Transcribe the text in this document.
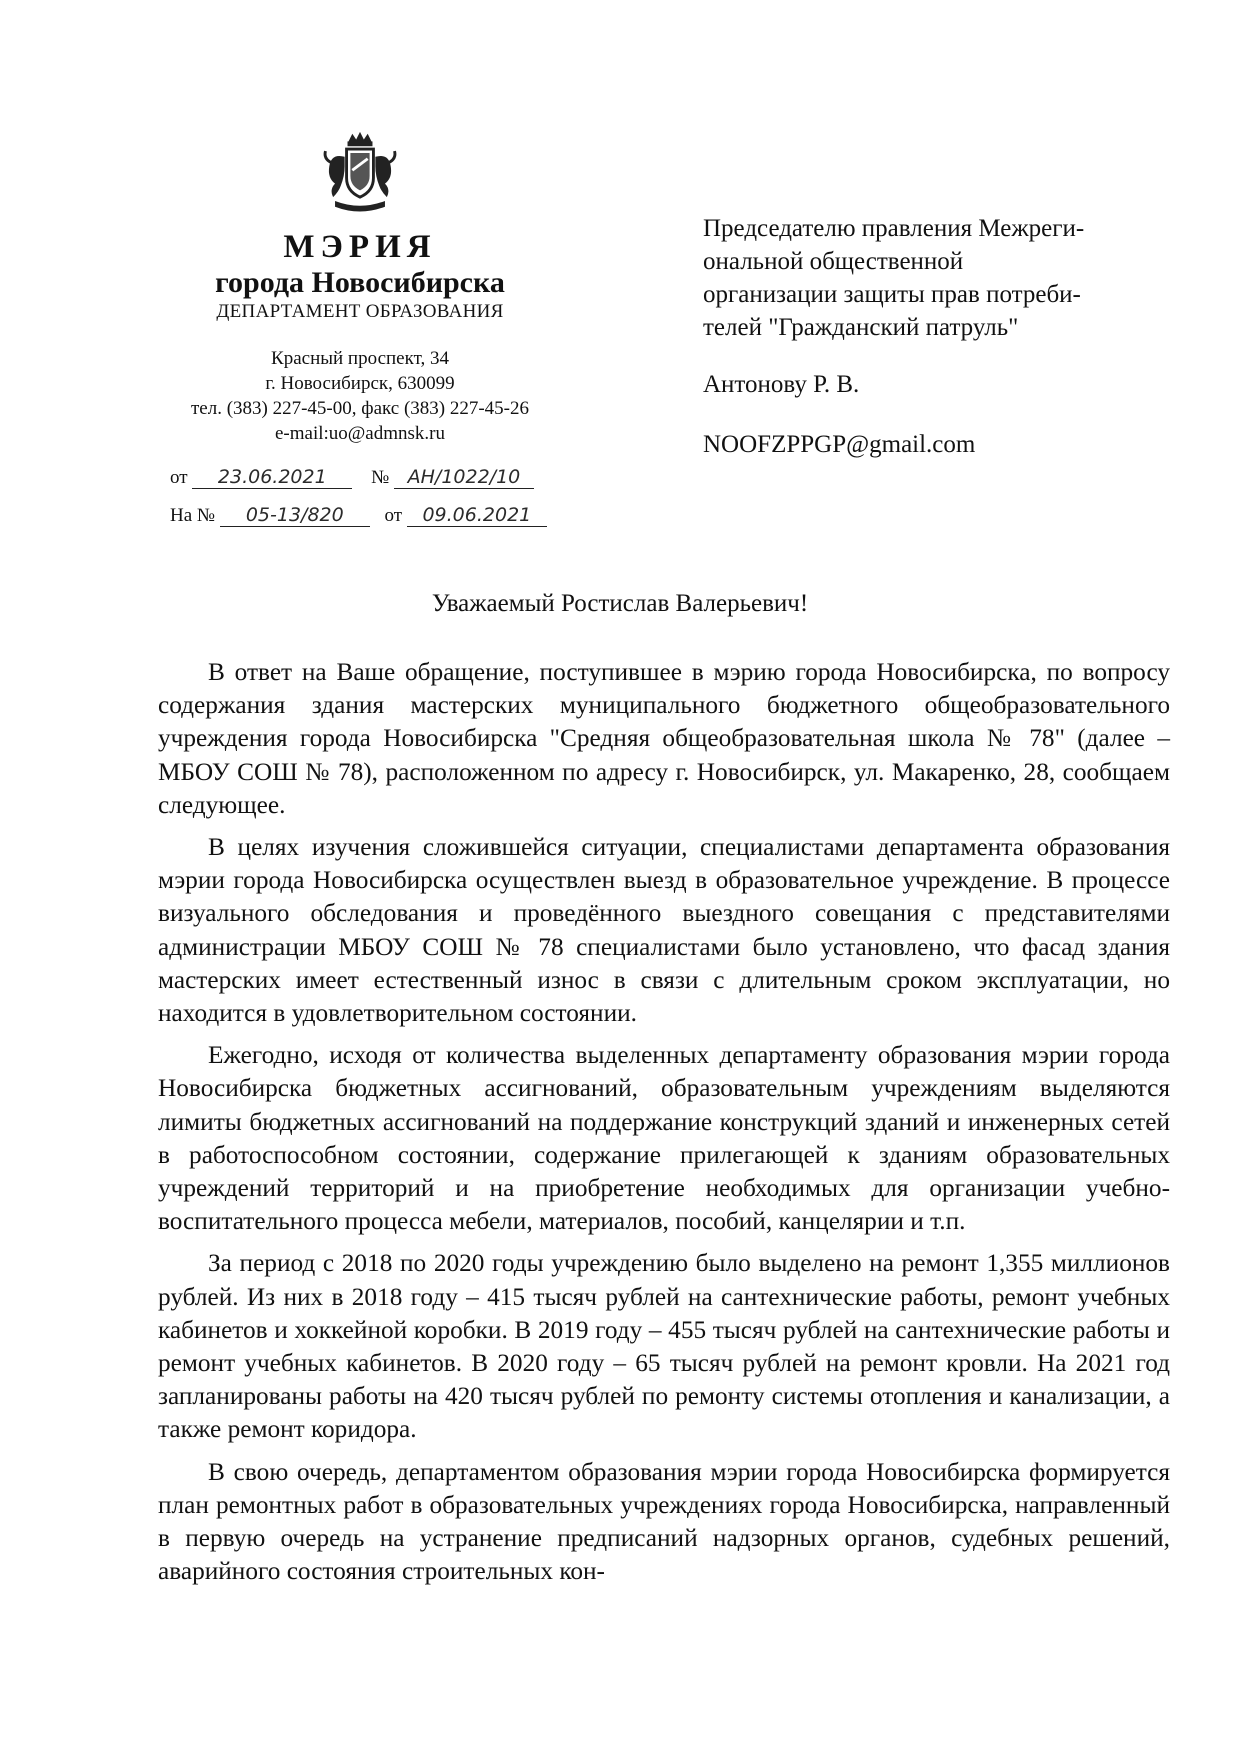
МЭРИЯ
города Новосибирска
ДЕПАРТАМЕНТ ОБРАЗОВАНИЯ
Красный проспект, 34
г. Новосибирск, 630099
тел. (383) 227-45-00, факс (383) 227-45-26
e-mail:uo@admnsk.ru
от 23.06.2021 № АН/1022/10
На № 05-13/820 от 09.06.2021

Председателю правления Межреги-

ональной общественной

организации защиты прав потреби-

телей "Гражданский патруль"

Антонову Р. В.

NOOFZPPGP@gmail.com

Уважаемый Ростислав Валерьевич!

В ответ на Ваше обращение, поступившее в мэрию города Новосибирска, по вопросу содержания здания мастерских муниципального бюджетного общеобразовательного учреждения города Новосибирска "Средняя общеобразовательная школа № 78" (далее – МБОУ СОШ № 78), расположенном по адресу г. Новосибирск, ул. Макаренко, 28, сообщаем следующее.

В целях изучения сложившейся ситуации, специалистами департамента образования мэрии города Новосибирска осуществлен выезд в образовательное учреждение. В процессе визуального обследования и проведённого выездного совещания с представителями администрации МБОУ СОШ № 78 специалистами было установлено, что фасад здания мастерских имеет естественный износ в связи с длительным сроком эксплуатации, но находится в удовлетворительном состоянии.

Ежегодно, исходя от количества выделенных департаменту образования мэрии города Новосибирска бюджетных ассигнований, образовательным учреждениям выделяются лимиты бюджетных ассигнований на поддержание конструкций зданий и инженерных сетей в работоспособном состоянии, содержание прилегающей к зданиям образовательных учреждений территорий и на приобретение необходимых для организации учебно-воспитательного процесса мебели, материалов, пособий, канцелярии и т.п.

За период с 2018 по 2020 годы учреждению было выделено на ремонт 1,355 миллионов рублей. Из них в 2018 году – 415 тысяч рублей на сантехнические работы, ремонт учебных кабинетов и хоккейной коробки. В 2019 году – 455 тысяч рублей на сантехнические работы и ремонт учебных кабинетов. В 2020 году – 65 тысяч рублей на ремонт кровли. На 2021 год запланированы работы на 420 тысяч рублей по ремонту системы отопления и канализации, а также ремонт коридора.

В свою очередь, департаментом образования мэрии города Новосибирска формируется план ремонтных работ в образовательных учреждениях города Новосибирска, направленный в первую очередь на устранение предписаний надзорных органов, судебных решений, аварийного состояния строительных кон-
